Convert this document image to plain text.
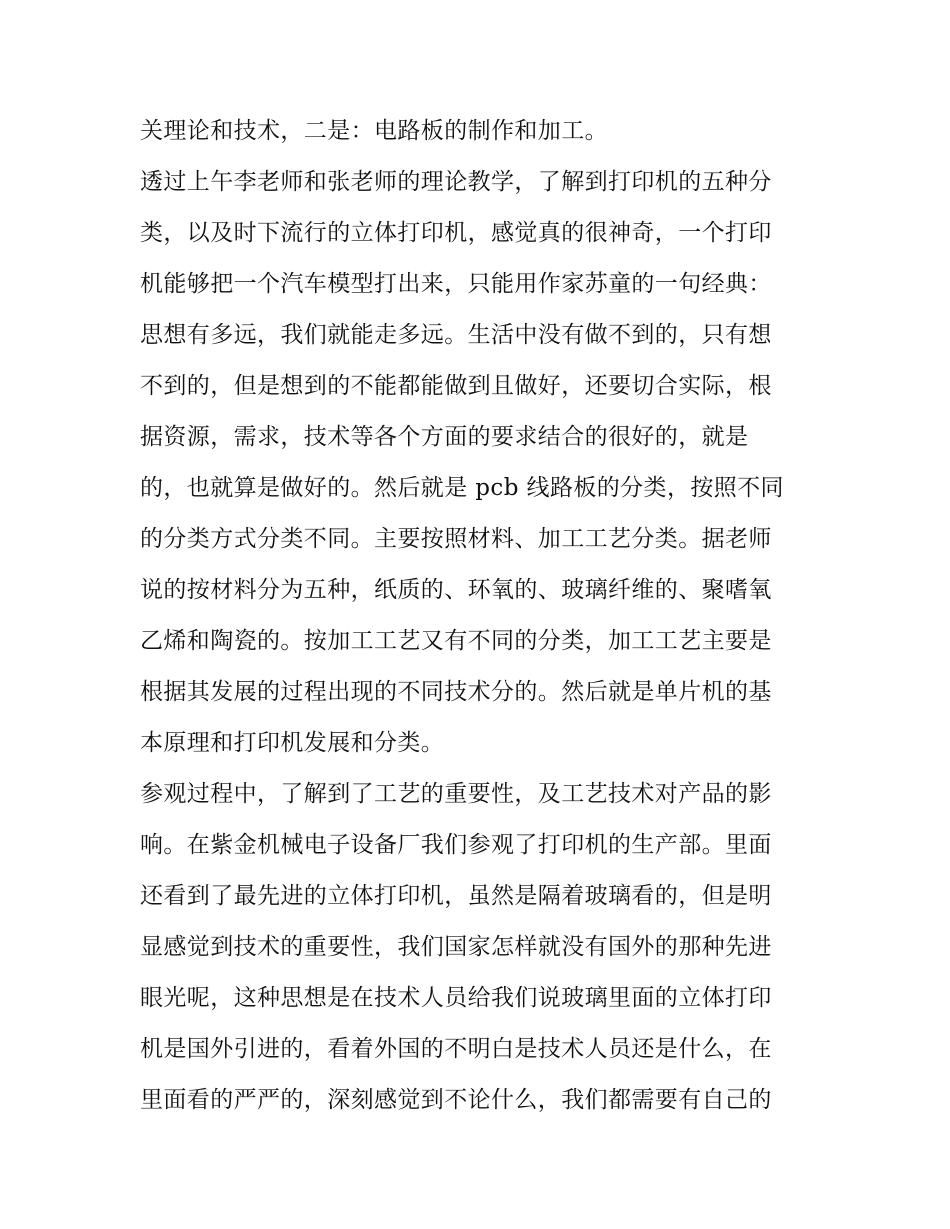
关理论和技术，二是：电路板的制作和加工。
透过上午李老师和张老师的理论教学，了解到打印机的五种分
类，以及时下流行的立体打印机，感觉真的很神奇，一个打印
机能够把一个汽车模型打出来，只能用作家苏童的一句经典：
思想有多远，我们就能走多远。生活中没有做不到的，只有想
不到的，但是想到的不能都能做到且做好，还要切合实际，根
据资源，需求，技术等各个方面的要求结合的很好的，就是
的，也就算是做好的。然后就是 pcb 线路板的分类，按照不同
的分类方式分类不同。主要按照材料、加工工艺分类。据老师
说的按材料分为五种，纸质的、环氧的、玻璃纤维的、聚嗜氧
乙烯和陶瓷的。按加工工艺又有不同的分类，加工工艺主要是
根据其发展的过程出现的不同技术分的。然后就是单片机的基
本原理和打印机发展和分类。
参观过程中，了解到了工艺的重要性，及工艺技术对产品的影
响。在紫金机械电子设备厂我们参观了打印机的生产部。里面
还看到了最先进的立体打印机，虽然是隔着玻璃看的，但是明
显感觉到技术的重要性，我们国家怎样就没有国外的那种先进
眼光呢，这种思想是在技术人员给我们说玻璃里面的立体打印
机是国外引进的，看着外国的不明白是技术人员还是什么，在
里面看的严严的，深刻感觉到不论什么，我们都需要有自己的
